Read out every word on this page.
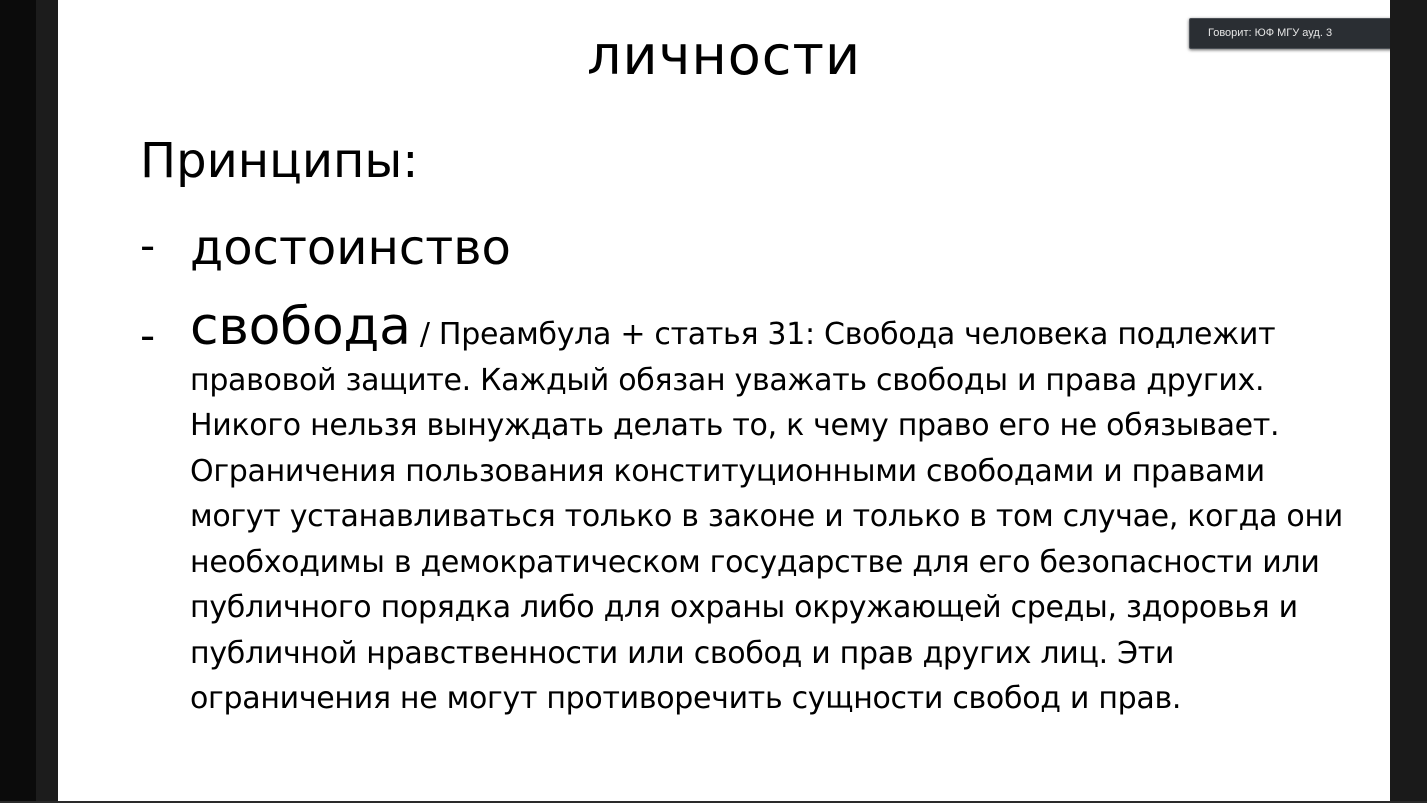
личности
Принципы:
- достоинство
- свобода / Преамбула + статья 31: Свобода человека подлежит правовой защите. Каждый обязан уважать свободы и права других. Никого нельзя вынуждать делать то, к чему право его не обязывает. Ограничения пользования конституционными свободами и правами могут устанавливаться только в законе и только в том случае, когда они необходимы в демократическом государстве для его безопасности или публичного порядка либо для охраны окружающей среды, здоровья и публичной нравственности или свобод и прав других лиц. Эти ограничения не могут противоречить сущности свобод и прав.
Говорит: ЮФ МГУ ауд. 3
